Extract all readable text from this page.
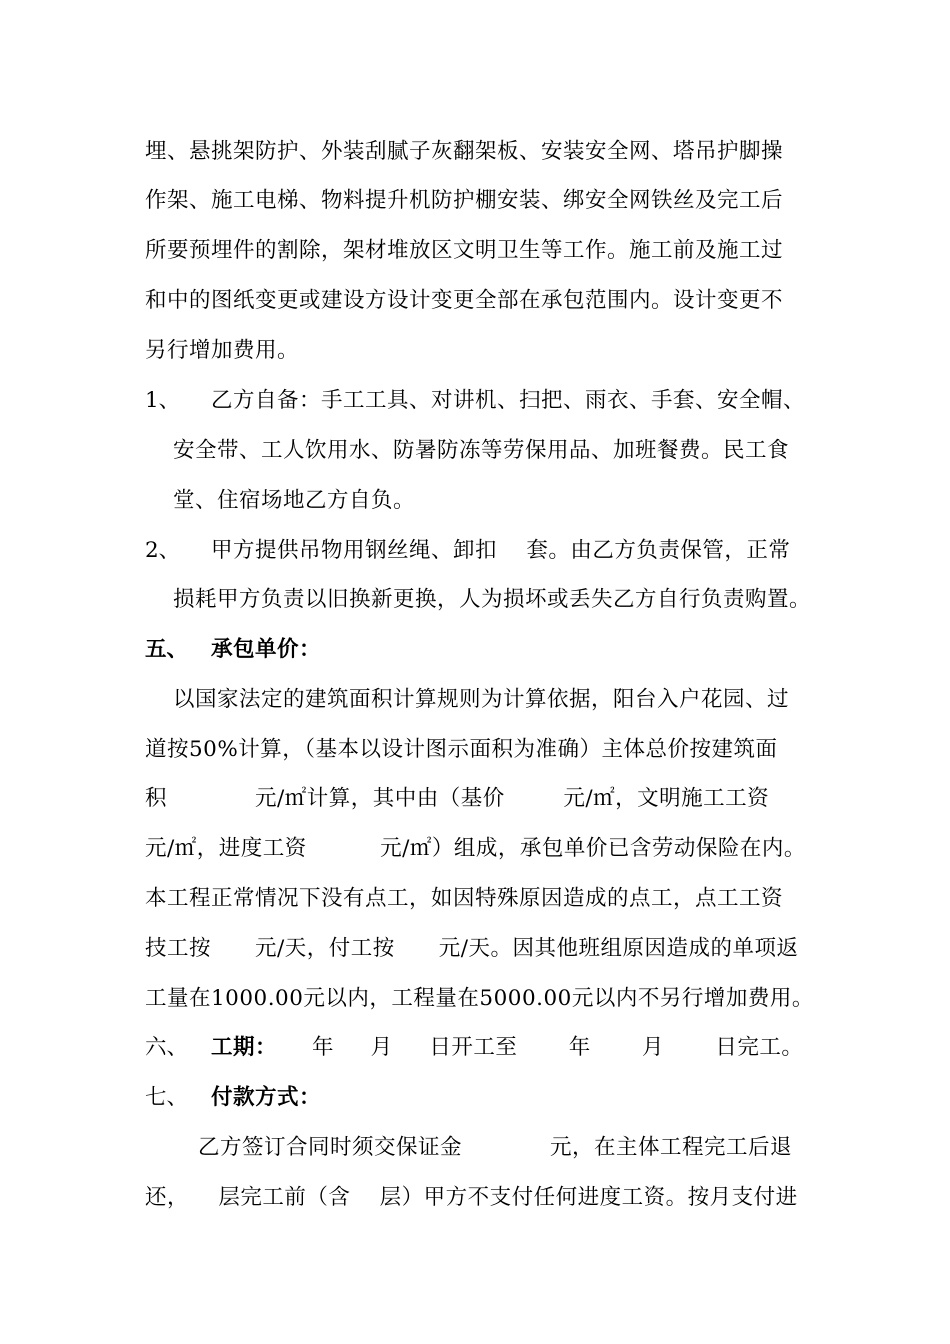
埋、悬挑架防护、外装刮腻子灰翻架板、安装安全网、塔吊护脚操
作架、施工电梯、物料提升机防护棚安装、绑安全网铁丝及完工后
所要预埋件的割除，架材堆放区文明卫生等工作。施工前及施工过
和中的图纸变更或建设方设计变更全部在承包范围内。设计变更不
另行增加费用。
1、 乙方自备：手工工具、对讲机、扫把、雨衣、手套、安全帽、
安全带、工人饮用水、防暑防冻等劳保用品、加班餐费。民工食
堂、住宿场地乙方自负。
2、 甲方提供吊物用钢丝绳、卸扣    套。由乙方负责保管，正常
损耗甲方负责以旧换新更换，人为损坏或丢失乙方自行负责购置。
五、 承包单价：
以国家法定的建筑面积计算规则为计算依据，阳台入户花园、过
道按50%计算，（基本以设计图示面积为准确）主体总价按建筑面
积            元/㎡计算，其中由（基价        元/㎡，文明施工工资
元/㎡，进度工资          元/㎡）组成，承包单价已含劳动保险在内。
本工程正常情况下没有点工，如因特殊原因造成的点工，点工工资
技工按      元/天，付工按      元/天。因其他班组原因造成的单项返
工量在1000.00元以内，工程量在5000.00元以内不另行增加费用。
六、 工期：
年     月     日开工至       年       月       日完工。
七、 付款方式：
乙方签订合同时须交保证金            元，在主体工程完工后退
还，    层完工前（含    层）甲方不支付任何进度工资。按月支付进
